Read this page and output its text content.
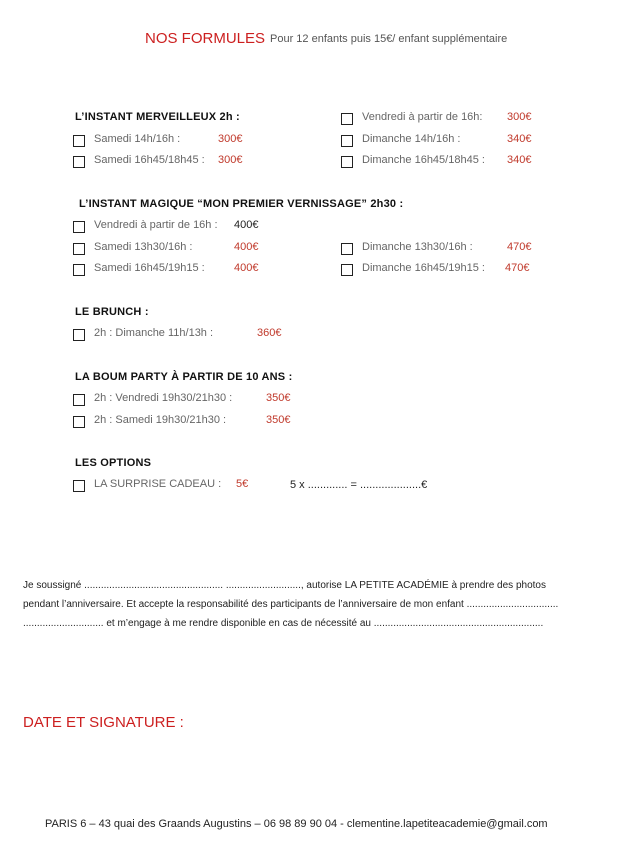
NOS FORMULES Pour 12 enfants puis 15€/ enfant supplémentaire
L’INSTANT MERVEILLEUX 2h :
Samedi 14h/16h :	300€
Samedi 16h45/18h45 : 300€
Vendredi à partir de 16h: 300€
Dimanche 14h/16h :	340€
Dimanche 16h45/18h45 : 340€
L’INSTANT MAGIQUE “MON PREMIER VERNISSAGE” 2h30 :
Vendredi à partir de 16h : 400€
Samedi 13h30/16h :	400€
Samedi 16h45/19h15 :	400€
Dimanche 13h30/16h :	470€
Dimanche 16h45/19h15 : 470€
LE BRUNCH :
2h : Dimanche 11h/13h :	360€
LA BOUM PARTY À PARTIR DE 10 ANS :
2h : Vendredi 19h30/21h30 :	350€
2h : Samedi 19h30/21h30 :	350€
LES OPTIONS
LA SURPRISE CADEAU : 5€	5 x ............. = ....................€
Je soussigné .................................................. ..........................., autorise LA PETITE ACADÉMIE à prendre des photos
pendant l’anniversaire. Et accepte la responsabilité des participants de l’anniversaire de mon enfant .................................
............................. et m’engage à me rendre disponible en cas de nécessité au .............................................................
DATE ET SIGNATURE :
PARIS 6 – 43 quai des Graands Augustins – 06 98 89 90 04 - clementine.lapetiteacademie@gmail.com
